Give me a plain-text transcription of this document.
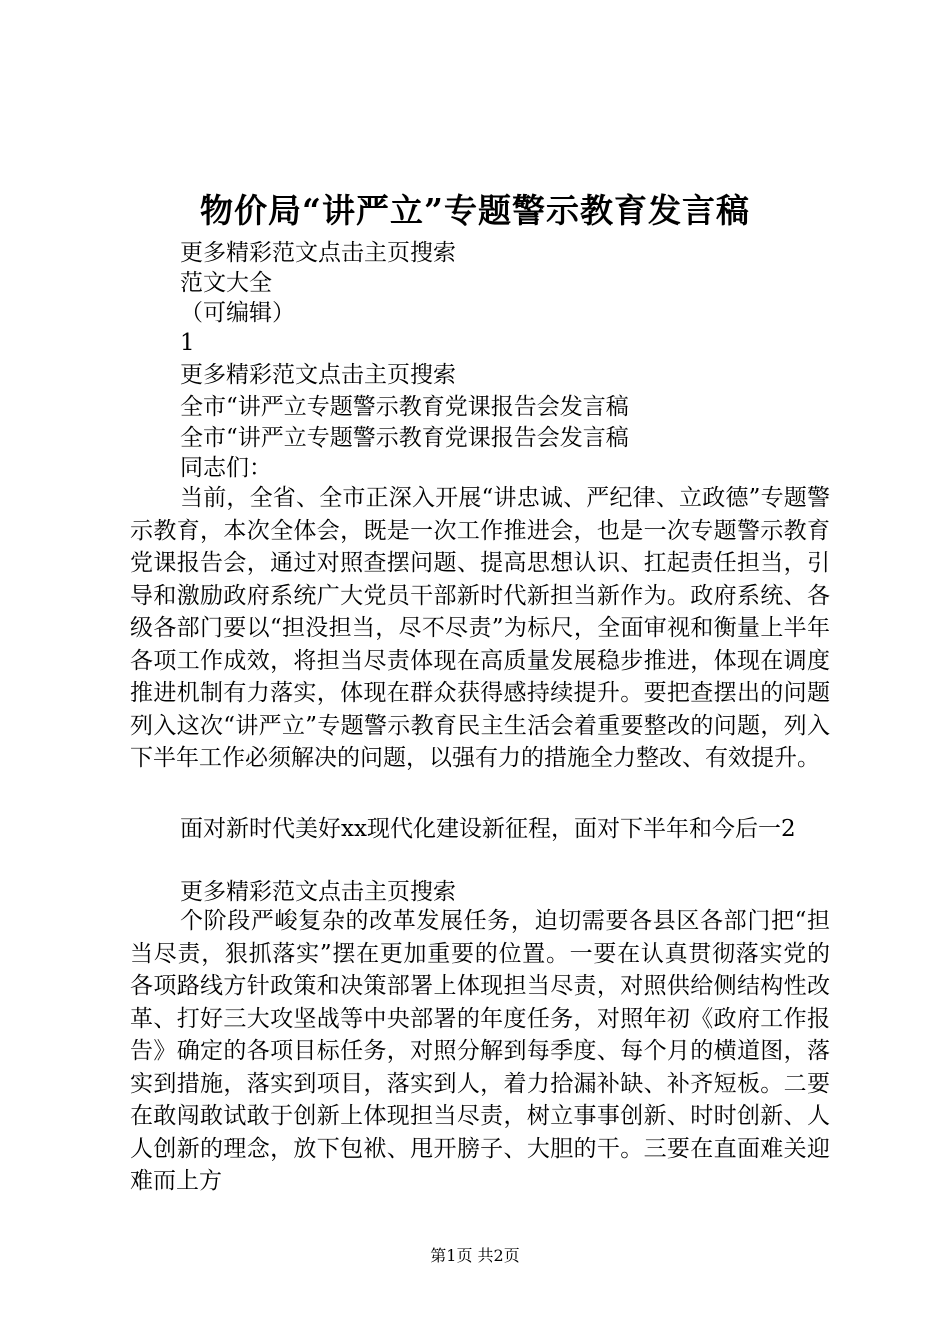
物价局“讲严立”专题警示教育发言稿
更多精彩范文点击主页搜索
范文大全
（可编辑）
1
更多精彩范文点击主页搜索
全市“讲严立专题警示教育党课报告会发言稿
全市“讲严立专题警示教育党课报告会发言稿
同志们：

当前，全省、全市正深入开展“讲忠诚、严纪律、立政德”专题警示教育，本次全体会，既是一次工作推进会，也是一次专题警示教育党课报告会，通过对照查摆问题、提高思想认识、扛起责任担当，引导和激励政府系统广大党员干部新时代新担当新作为。政府系统、各级各部门要以“担没担当，尽不尽责”为标尺，全面审视和衡量上半年各项工作成效，将担当尽责体现在高质量发展稳步推进，体现在调度推进机制有力落实，体现在群众获得感持续提升。要把查摆出的问题列入这次“讲严立”专题警示教育民主生活会着重要整改的问题，列入下半年工作必须解决的问题，以强有力的措施全力整改、有效提升。

面对新时代美好xx现代化建设新征程，面对下半年和今后一2

更多精彩范文点击主页搜索

个阶段严峻复杂的改革发展任务，迫切需要各县区各部门把“担当尽责，狠抓落实”摆在更加重要的位置。一要在认真贯彻落实党的各项路线方针政策和决策部署上体现担当尽责，对照供给侧结构性改革、打好三大攻坚战等中央部署的年度任务，对照年初《政府工作报告》确定的各项目标任务，对照分解到每季度、每个月的横道图，落实到措施，落实到项目，落实到人，着力拾漏补缺、补齐短板。二要在敢闯敢试敢于创新上体现担当尽责，树立事事创新、时时创新、人人创新的理念，放下包袱、甩开膀子、大胆的干。三要在直面难关迎难而上方

第1页 共2页
